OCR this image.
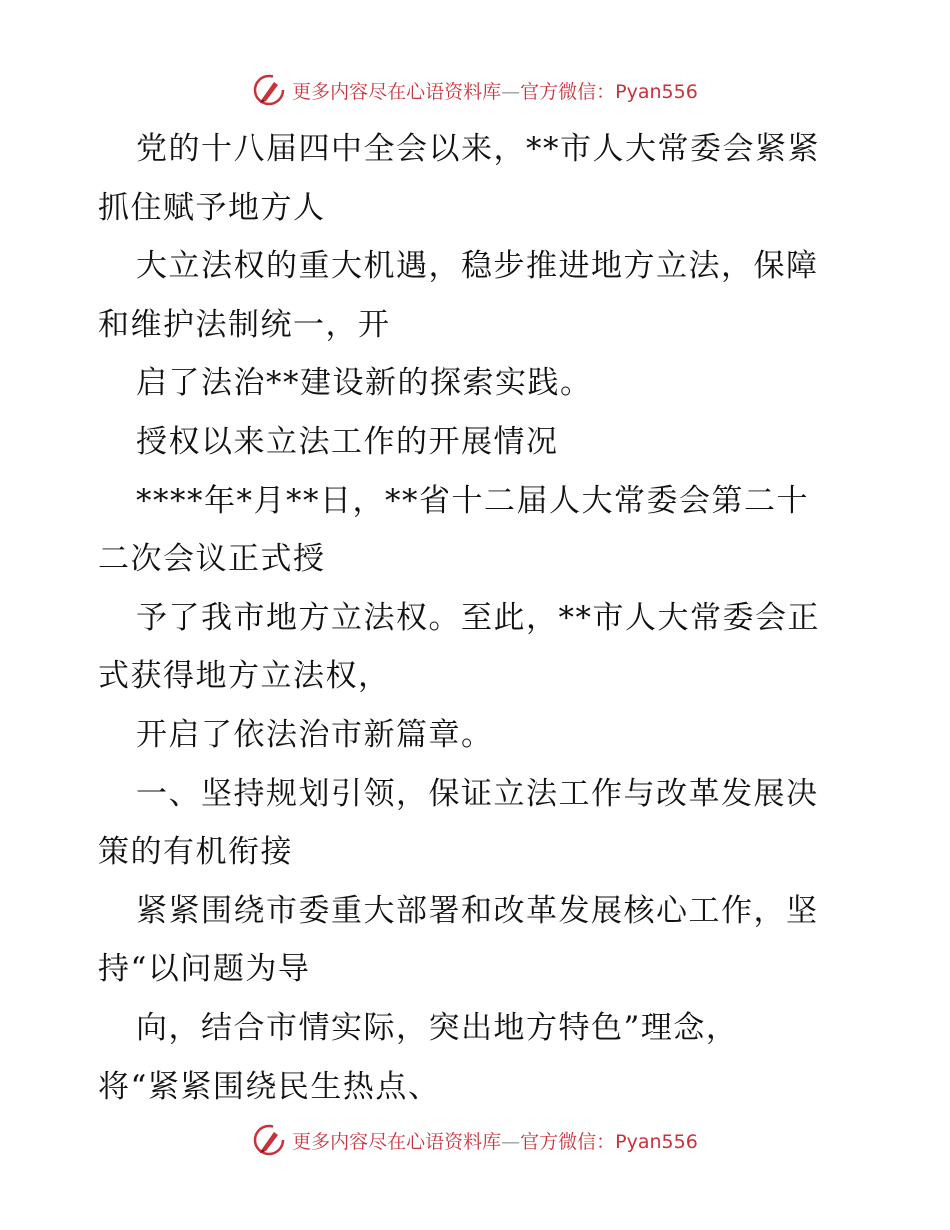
更多内容尽在心语资料库—官方微信：Pyan556
党的十八届四中全会以来，**市人大常委会紧紧
抓住赋予地方人
大立法权的重大机遇，稳步推进地方立法，保障
和维护法制统一，开
启了法治**建设新的探索实践。
授权以来立法工作的开展情况
****年*月**日，**省十二届人大常委会第二十
二次会议正式授
予了我市地方立法权。至此，**市人大常委会正
式获得地方立法权，
开启了依法治市新篇章。
一、坚持规划引领，保证立法工作与改革发展决
策的有机衔接
紧紧围绕市委重大部署和改革发展核心工作，坚
持“以问题为导
向，结合市情实际，突出地方特色”理念，
将“紧紧围绕民生热点、
更多内容尽在心语资料库—官方微信：Pyan556
